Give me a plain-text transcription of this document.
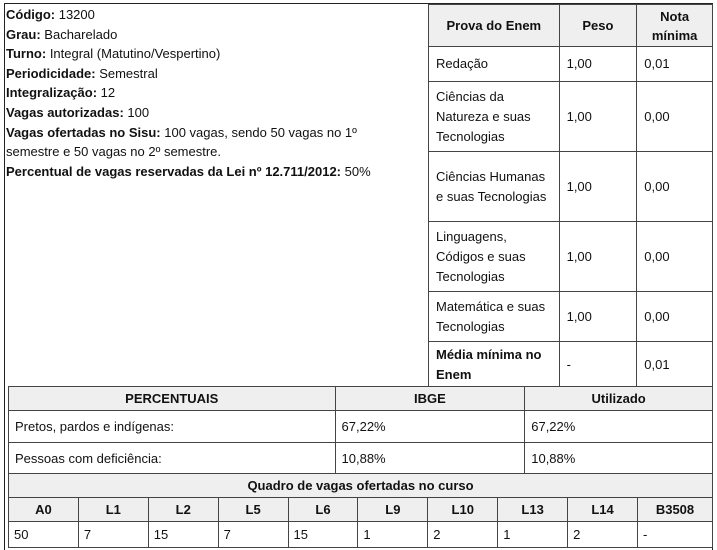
Código: 13200
Grau: Bacharelado
Turno: Integral (Matutino/Vespertino)
Periodicidade: Semestral
Integralização: 12
Vagas autorizadas: 100
Vagas ofertadas no Sisu: 100 vagas, sendo 50 vagas no 1º
semestre e 50 vagas no 2º semestre.
Percentual de vagas reservadas da Lei nº 12.711/2012: 50%
Prova do Enem	Peso	Nota mínima
Redação	1,00	0,01
Ciências da Natureza e suas Tecnologias	1,00	0,00
Ciências Humanas e suas Tecnologias	1,00	0,00
Linguagens, Códigos e suas Tecnologias	1,00	0,00
Matemática e suas Tecnologias	1,00	0,00
Média mínima no Enem	-	0,01
PERCENTUAIS	IBGE	Utilizado
Pretos, pardos e indígenas:	67,22%	67,22%
Pessoas com deficiência:	10,88%	10,88%
Quadro de vagas ofertadas no curso									
A0	L1	L2	L5	L6	L9	L10	L13	L14	B3508
50	7	15	7	15	1	2	1	2	-
